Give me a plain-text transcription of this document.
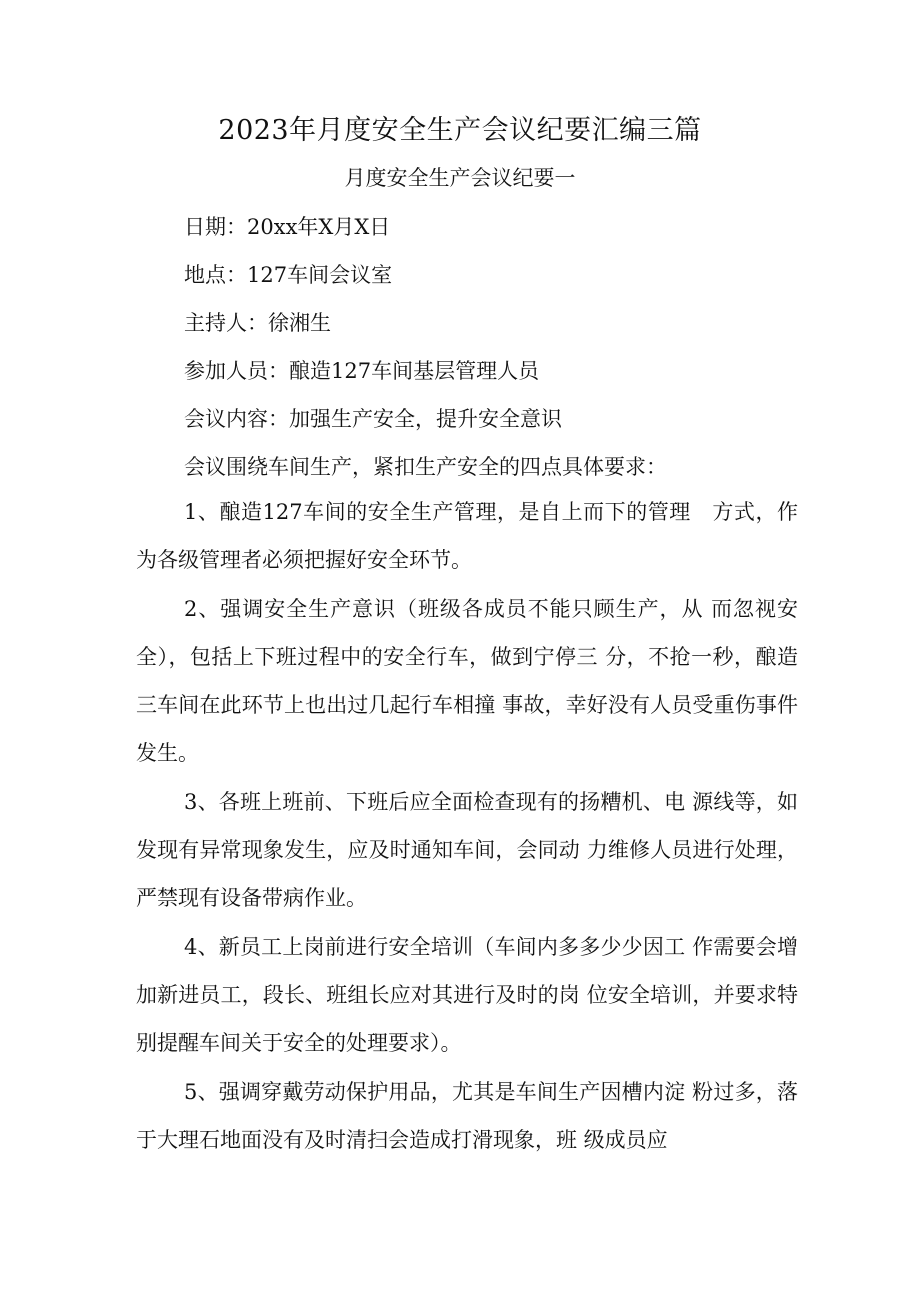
2023年月度安全生产会议纪要汇编三篇
月度安全生产会议纪要一
日期：20xx年X月X日
地点：127车间会议室
主持人：徐湘生
参加人员：酿造127车间基层管理人员
会议内容：加强生产安全，提升安全意识
会议围绕车间生产，紧扣生产安全的四点具体要求：
1、酿造127车间的安全生产管理，是自上而下的管理　方式，作为各级管理者必须把握好安全环节。
2、强调安全生产意识（班级各成员不能只顾生产，从 而忽视安全），包括上下班过程中的安全行车，做到宁停三 分，不抢一秒，酿造三车间在此环节上也出过几起行车相撞 事故，幸好没有人员受重伤事件发生。
3、各班上班前、下班后应全面检查现有的扬糟机、电 源线等，如发现有异常现象发生，应及时通知车间，会同动 力维修人员进行处理，严禁现有设备带病作业。
4、新员工上岗前进行安全培训（车间内多多少少因工 作需要会增加新进员工，段长、班组长应对其进行及时的岗 位安全培训，并要求特别提醒车间关于安全的处理要求）。
5、强调穿戴劳动保护用品，尤其是车间生产因槽内淀 粉过多，落于大理石地面没有及时清扫会造成打滑现象，班 级成员应
